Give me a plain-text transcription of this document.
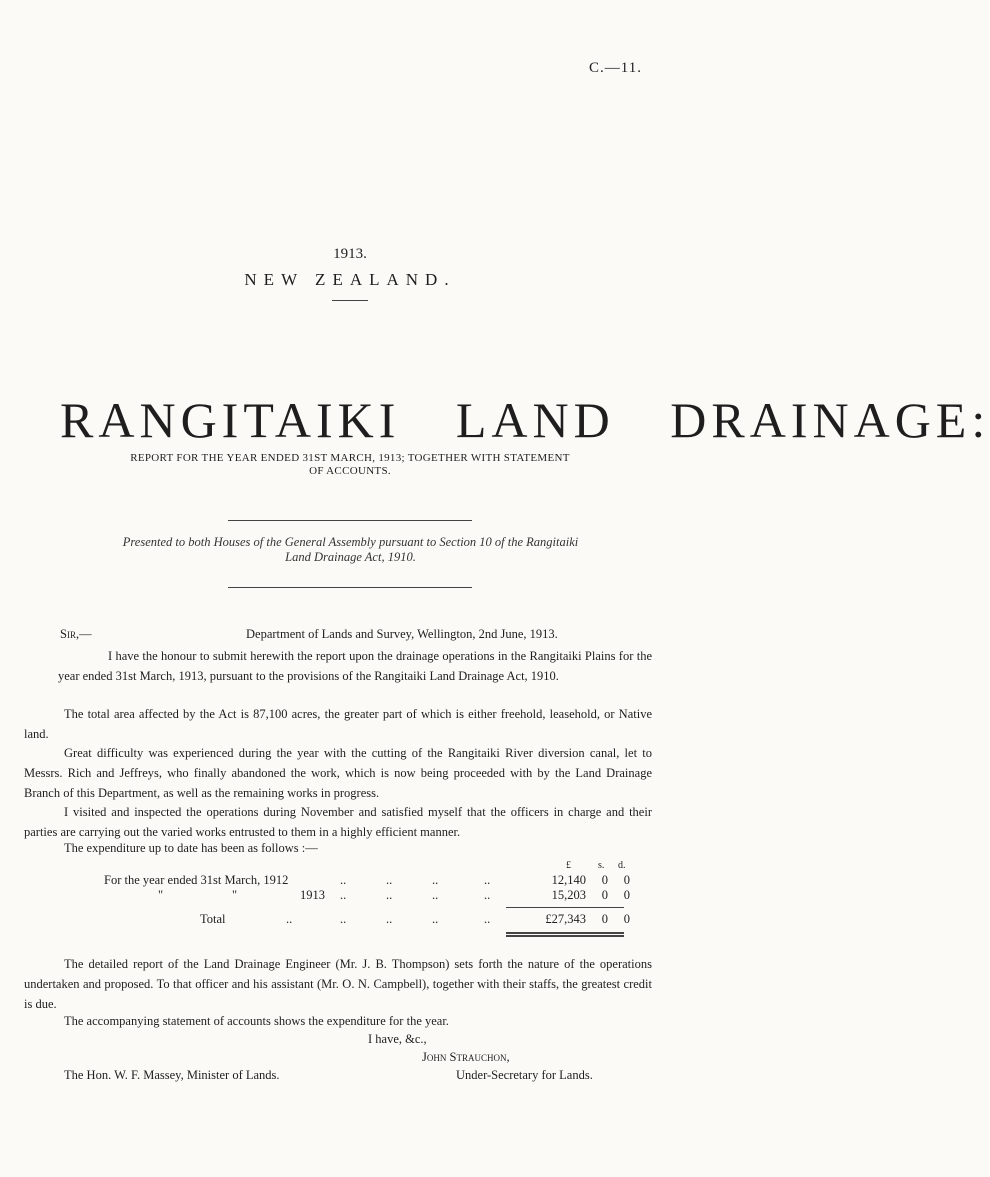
C.—11.
1913.
NEW ZEALAND.
RANGITAIKI LAND DRAINAGE:
REPORT FOR THE YEAR ENDED 31ST MARCH, 1913; TOGETHER WITH STATEMENT
OF ACCOUNTS.
Presented to both Houses of the General Assembly pursuant to Section 10 of the Rangitaiki
Land Drainage Act, 1910.
Sir,—	Department of Lands and Survey, Wellington, 2nd June, 1913.
I have the honour to submit herewith the report upon the drainage operations in the Rangitaiki Plains for the year ended 31st March, 1913, pursuant to the provisions of the Rangitaiki Land Drainage Act, 1910.
The total area affected by the Act is 87,100 acres, the greater part of which is either freehold, leasehold, or Native land.
Great difficulty was experienced during the year with the cutting of the Rangitaiki River diversion canal, let to Messrs. Rich and Jeffreys, who finally abandoned the work, which is now being proceeded with by the Land Drainage Branch of this Department, as well as the remaining works in progress.
I visited and inspected the operations during November and satisfied myself that the officers in charge and their parties are carrying out the varied works entrusted to them in a highly efficient manner.
The expenditure up to date has been as follows :—
£	s. d.
For the year ended 31st March, 1912	..	..	..	..	12,140 0 0
"	"	1913 ..	..	..	..	15,203 0 0
Total	..	..	..	..	..	£27,343 0 0
The detailed report of the Land Drainage Engineer (Mr. J. B. Thompson) sets forth the nature of the operations undertaken and proposed. To that officer and his assistant (Mr. O. N. Campbell), together with their staffs, the greatest credit is due.
The accompanying statement of accounts shows the expenditure for the year.
I have, &c.,
John Strauchon,
The Hon. W. F. Massey, Minister of Lands.	Under-Secretary for Lands.
